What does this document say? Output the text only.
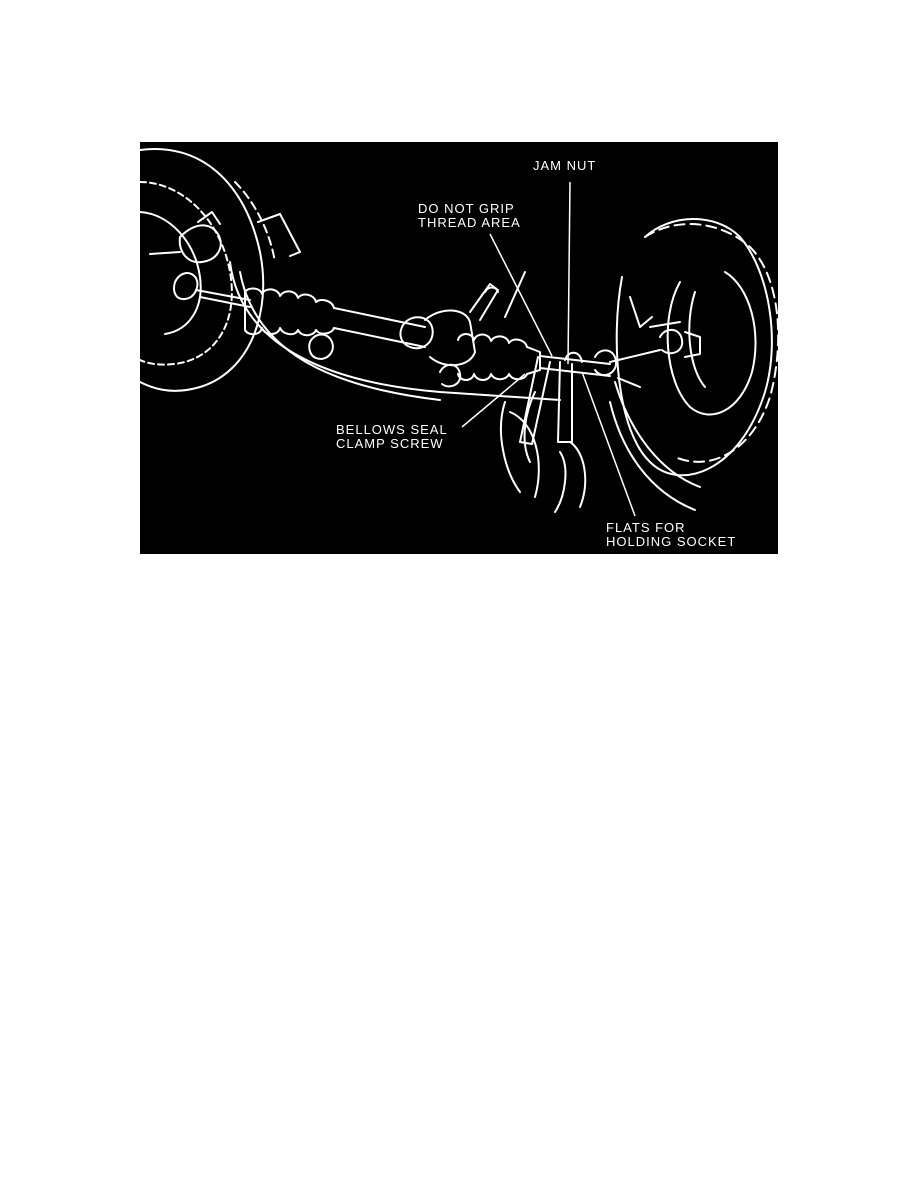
JAM NUT
DO NOT GRIP
THREAD AREA
BELLOWS SEAL
CLAMP SCREW
FLATS FOR
HOLDING SOCKET
